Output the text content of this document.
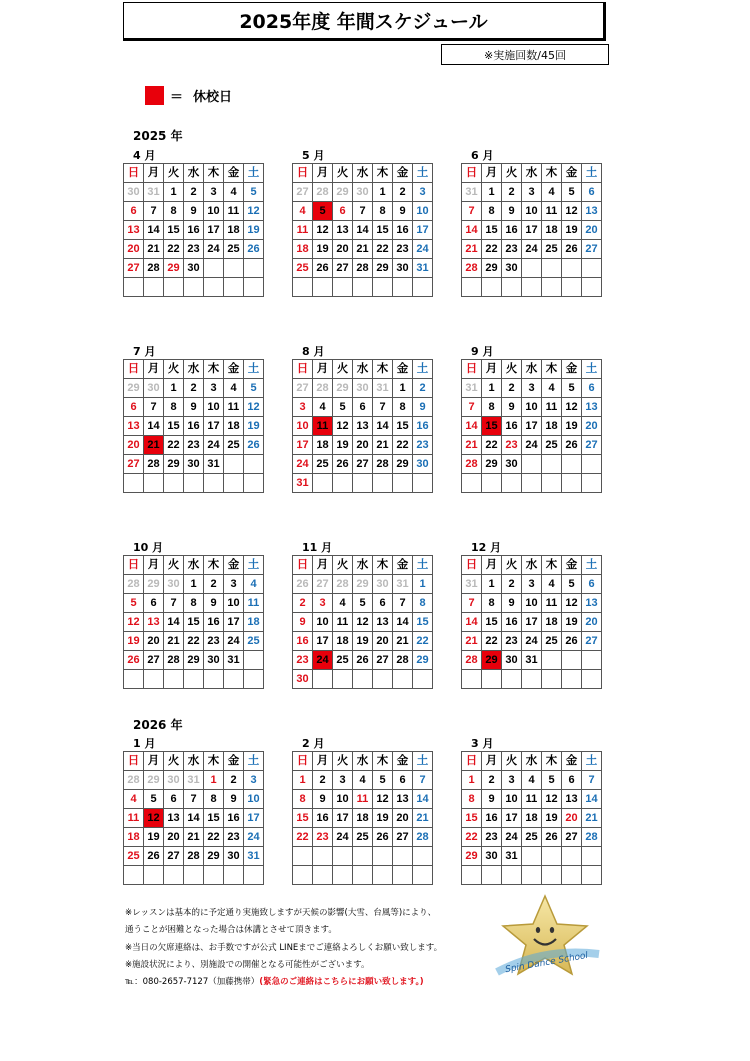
2025年度 年間スケジュール
※実施回数/45回
＝ 休校日
2025 年
2026 年
4 月
日	月	火	水	木	金	土
30	31	1	2	3	4	5
6	7	8	9	10	11	12
13	14	15	16	17	18	19
20	21	22	23	24	25	26
27	28	29	30			

5 月
日	月	火	水	木	金	土
27	28	29	30	1	2	3
4	5	6	7	8	9	10
11	12	13	14	15	16	17
18	19	20	21	22	23	24
25	26	27	28	29	30	31

6 月
日	月	火	水	木	金	土
31	1	2	3	4	5	6
7	8	9	10	11	12	13
14	15	16	17	18	19	20
21	22	23	24	25	26	27
28	29	30				

7 月
日	月	火	水	木	金	土
29	30	1	2	3	4	5
6	7	8	9	10	11	12
13	14	15	16	17	18	19
20	21	22	23	24	25	26
27	28	29	30	31		

8 月
日	月	火	水	木	金	土
27	28	29	30	31	1	2
3	4	5	6	7	8	9
10	11	12	13	14	15	16
17	18	19	20	21	22	23
24	25	26	27	28	29	30
31						
9 月
日	月	火	水	木	金	土
31	1	2	3	4	5	6
7	8	9	10	11	12	13
14	15	16	17	18	19	20
21	22	23	24	25	26	27
28	29	30				

10 月
日	月	火	水	木	金	土
28	29	30	1	2	3	4
5	6	7	8	9	10	11
12	13	14	15	16	17	18
19	20	21	22	23	24	25
26	27	28	29	30	31	

11 月
日	月	火	水	木	金	土
26	27	28	29	30	31	1
2	3	4	5	6	7	8
9	10	11	12	13	14	15
16	17	18	19	20	21	22
23	24	25	26	27	28	29
30						
12 月
日	月	火	水	木	金	土
31	1	2	3	4	5	6
7	8	9	10	11	12	13
14	15	16	17	18	19	20
21	22	23	24	25	26	27
28	29	30	31			

1 月
日	月	火	水	木	金	土
28	29	30	31	1	2	3
4	5	6	7	8	9	10
11	12	13	14	15	16	17
18	19	20	21	22	23	24
25	26	27	28	29	30	31

2 月
日	月	火	水	木	金	土
1	2	3	4	5	6	7
8	9	10	11	12	13	14
15	16	17	18	19	20	21
22	23	24	25	26	27	28

3 月
日	月	火	水	木	金	土
1	2	3	4	5	6	7
8	9	10	11	12	13	14
15	16	17	18	19	20	21
22	23	24	25	26	27	28
29	30	31				

※レッスンは基本的に予定通り実施致しますが天候の影響(大雪、台風等)により、
通うことが困難となった場合は休講とさせて頂きます。
※当日の欠席連絡は、お手数ですが公式 LINEまでご連絡よろしくお願い致します。
※施設状況により、別施設での開催となる可能性がございます。
℡：080-2657-7127（加藤携帯）(緊急のご連絡はこちらにお願い致します。)
Spin Dance School
